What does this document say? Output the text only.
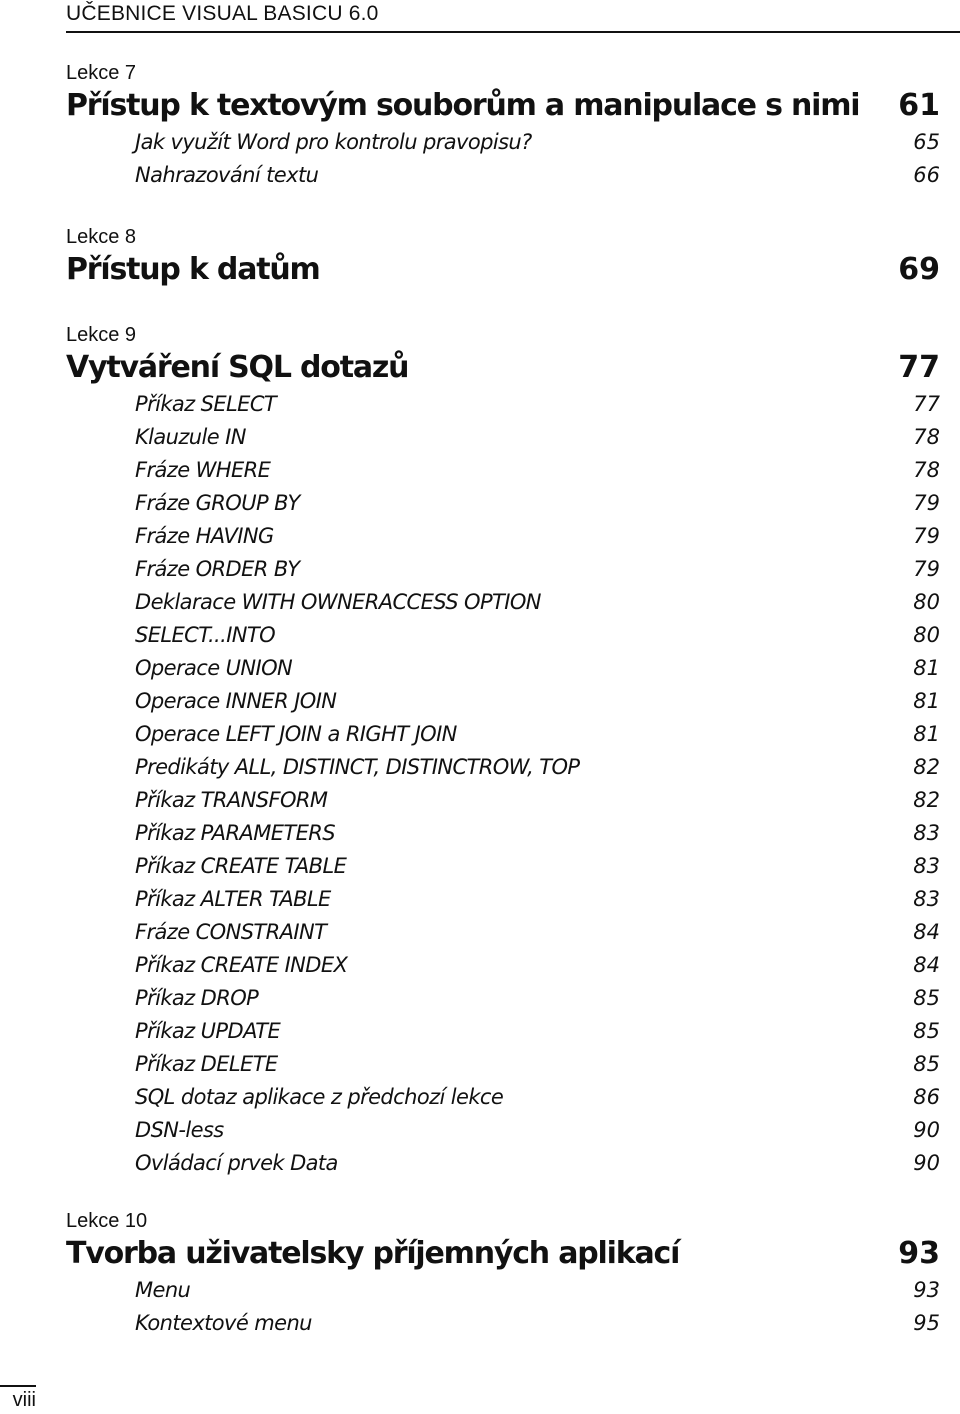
UČEBNICE VISUAL BASICU 6.0
Lekce 7
Přístup k textovým souborům a manipulace s nimi 61
Jak využít Word pro kontrolu pravopisu?	65
Nahrazování textu	66
Lekce 8
Přístup k datům	69
Lekce 9
Vytváření SQL dotazů	77
Příkaz SELECT	77
Klauzule IN	78
Fráze WHERE	78
Fráze GROUP BY	79
Fráze HAVING	79
Fráze ORDER BY	79
Deklarace WITH OWNERACCESS OPTION	80
SELECT...INTO	80
Operace UNION	81
Operace INNER JOIN	81
Operace LEFT JOIN a RIGHT JOIN	81
Predikáty ALL, DISTINCT, DISTINCTROW, TOP	82
Příkaz TRANSFORM	82
Příkaz PARAMETERS	83
Příkaz CREATE TABLE	83
Příkaz ALTER TABLE	83
Fráze CONSTRAINT	84
Příkaz CREATE INDEX	84
Příkaz DROP	85
Příkaz UPDATE	85
Příkaz DELETE	85
SQL dotaz aplikace z předchozí lekce	86
DSN-less	90
Ovládací prvek Data	90
Lekce 10
Tvorba uživatelsky příjemných aplikací	93
Menu	93
Kontextové menu	95
viii
